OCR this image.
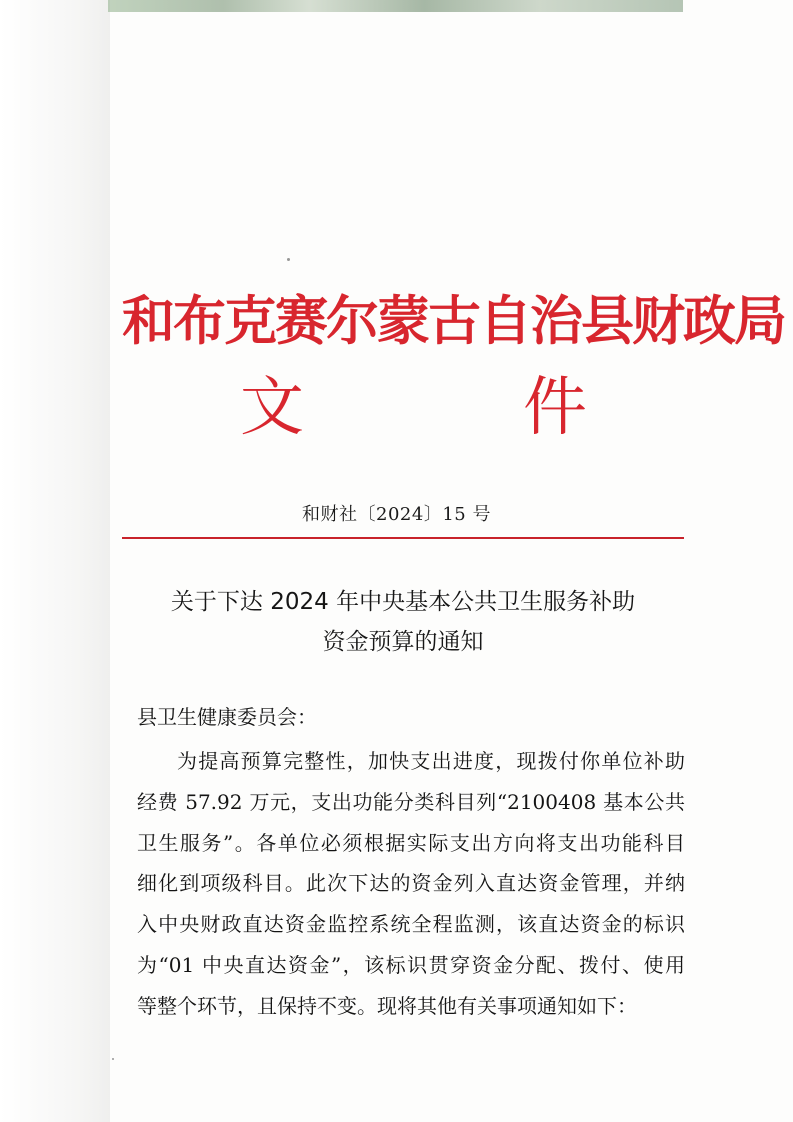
和布克赛尔蒙古自治县财政局
文	件
和财社〔2024〕15 号
关于下达 2024 年中央基本公共卫生服务补助
资金预算的通知
县卫生健康委员会：
为提高预算完整性，加快支出进度，现拨付你单位补助
经费 57.92 万元，支出功能分类科目列“2100408 基本公共
卫生服务”。各单位必须根据实际支出方向将支出功能科目
细化到项级科目。此次下达的资金列入直达资金管理，并纳
入中央财政直达资金监控系统全程监测，该直达资金的标识
为“01 中央直达资金”，该标识贯穿资金分配、拨付、使用
等整个环节，且保持不变。现将其他有关事项通知如下：
